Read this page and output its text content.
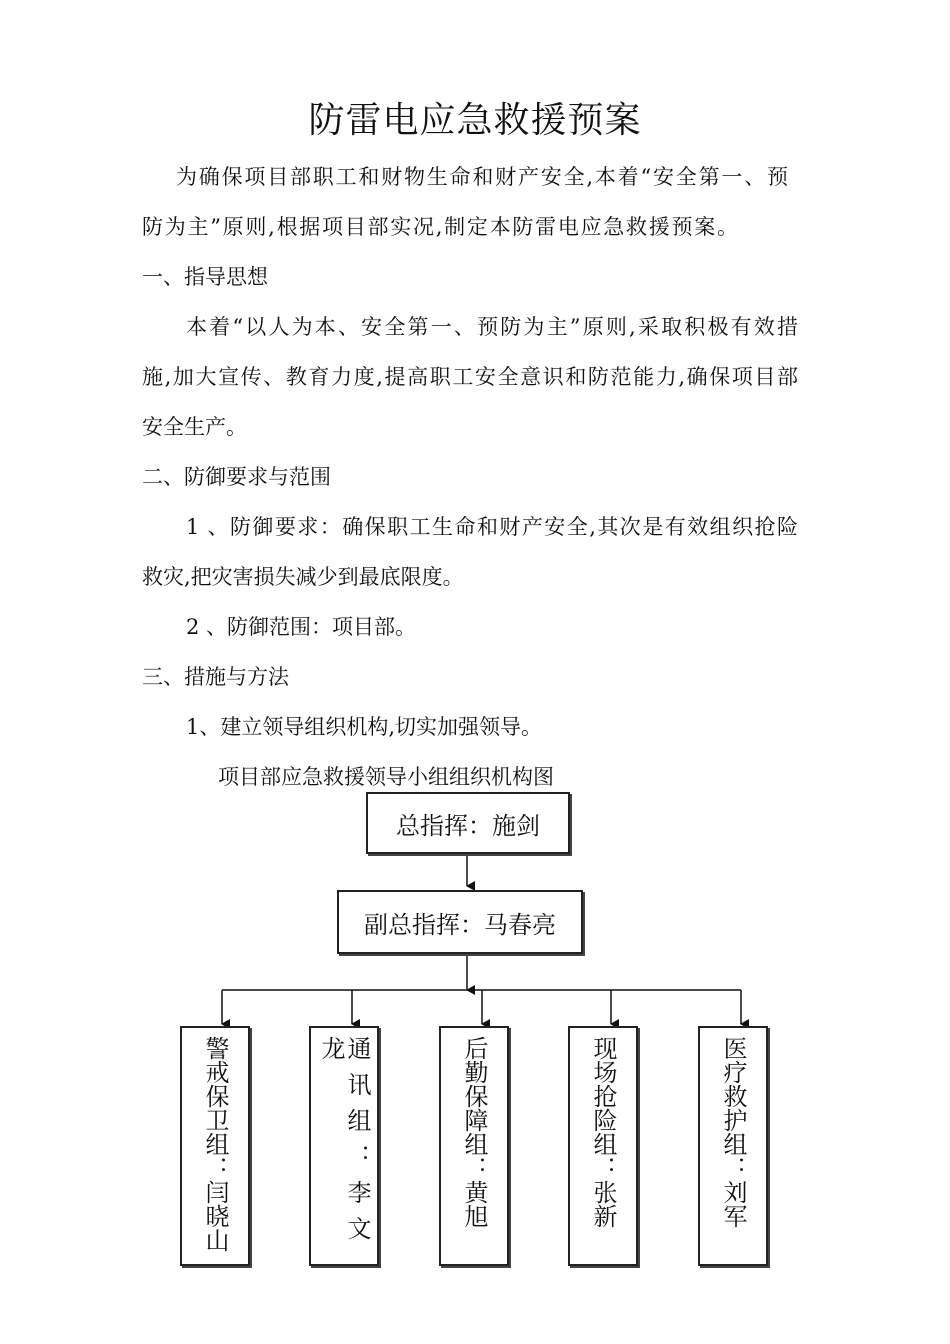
防雷电应急救援预案
为确保项目部职工和财物生命和财产安全,本着“安全第一、预
防为主”原则,根据项目部实况,制定本防雷电应急救援预案。
一、指导思想
本着“以人为本、安全第一、预防为主”原则,采取积极有效措
施,加大宣传、教育力度,提高职工安全意识和防范能力,确保项目部
安全生产。
二、防御要求与范围
1 、防御要求：确保职工生命和财产安全,其次是有效组织抢险
救灾,把灾害损失减少到最底限度。
2 、防御范围：项目部。
三、措施与方法
1、建立领导组织机构,切实加强领导。
项目部应急救援领导小组组织机构图
总指挥：施剑
副总指挥：马春亮
警戒保卫组：闫晓山	通讯组：李文龙	后勤保障组：黄旭	现场抢险组：张新	医疗救护组：刘军
